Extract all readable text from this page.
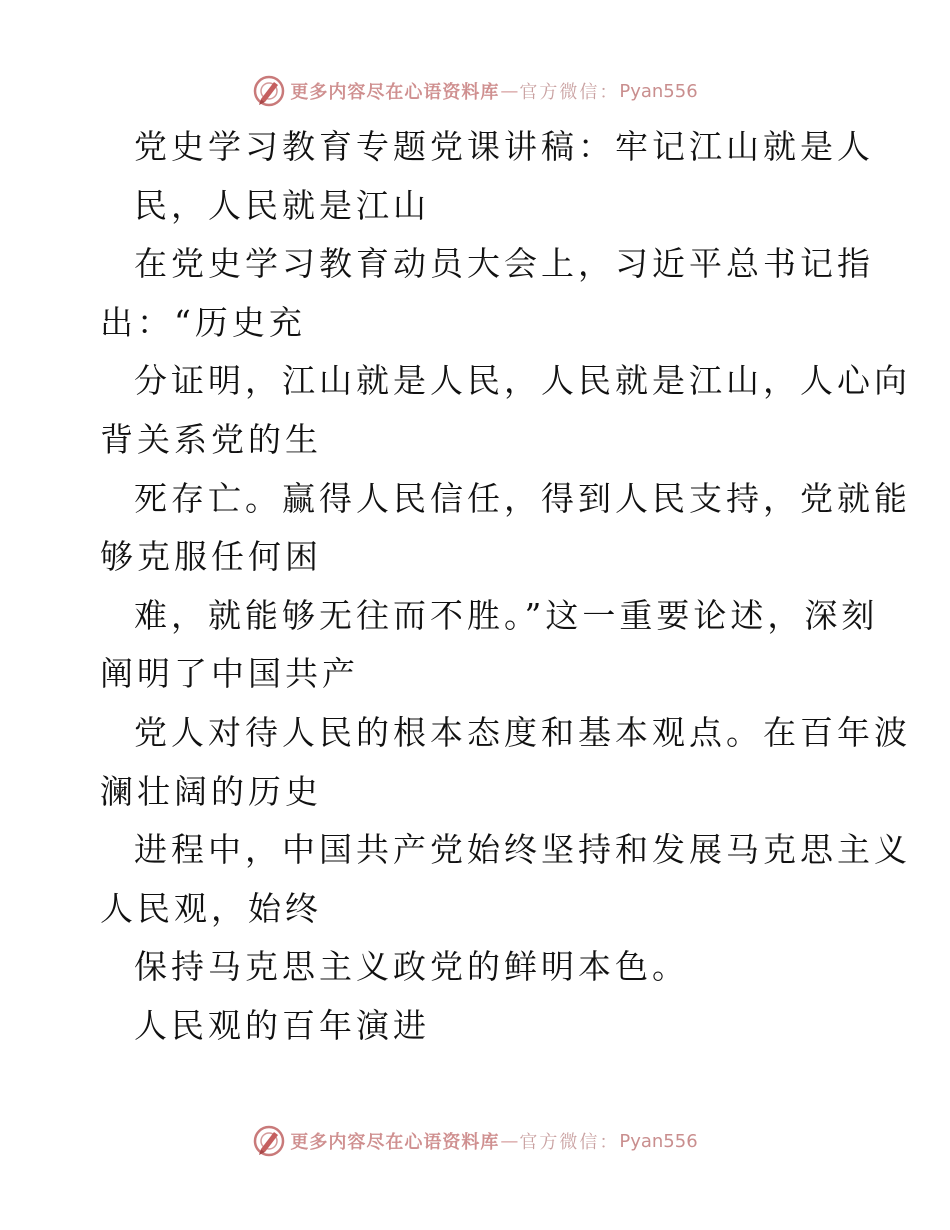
更多内容尽在心语资料库 — 官方微信： Pyan556
党史学习教育专题党课讲稿：牢记江山就是人
民，人民就是江山
在党史学习教育动员大会上，习近平总书记指
出：“历史充
分证明，江山就是人民，人民就是江山，人心向
背关系党的生
死存亡。赢得人民信任，得到人民支持，党就能
够克服任何困
难，就能够无往而不胜。”这一重要论述，深刻
阐明了中国共产
党人对待人民的根本态度和基本观点。在百年波
澜壮阔的历史
进程中，中国共产党始终坚持和发展马克思主义
人民观，始终
保持马克思主义政党的鲜明本色。
人民观的百年演进
更多内容尽在心语资料库 — 官方微信： Pyan556
